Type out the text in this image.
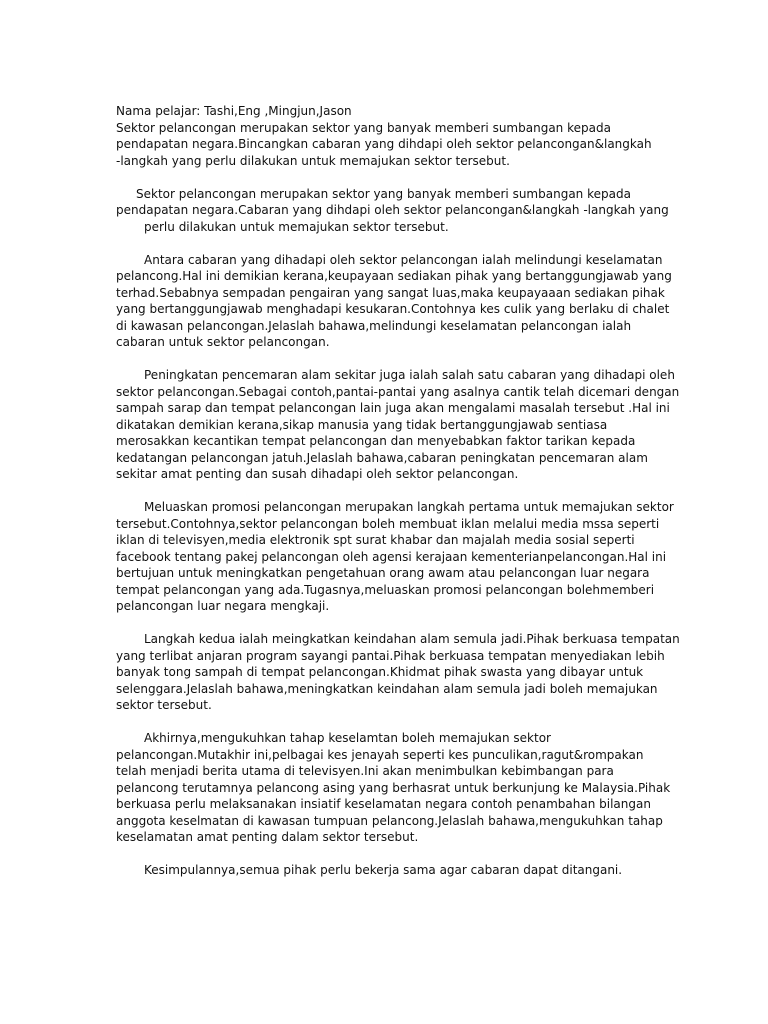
Nama pelajar: Tashi,Eng ,Mingjun,Jason

Sektor pelancongan merupakan sektor yang banyak memberi sumbangan kepada

pendapatan negara.Bincangkan cabaran yang dihdapi oleh sektor pelancongan&langkah

-langkah yang perlu dilakukan untuk memajukan sektor tersebut.

Sektor pelancongan merupakan sektor yang banyak memberi sumbangan kepada

pendapatan negara.Cabaran yang dihdapi oleh sektor pelancongan&langkah -langkah yang

perlu dilakukan untuk memajukan sektor tersebut.

Antara cabaran yang dihadapi oleh sektor pelancongan ialah melindungi keselamatan

pelancong.Hal ini demikian kerana,keupayaan sediakan pihak yang bertanggungjawab yang

terhad.Sebabnya sempadan pengairan yang sangat luas,maka keupayaaan sediakan pihak

yang bertanggungjawab menghadapi kesukaran.Contohnya kes culik yang berlaku di chalet

di kawasan pelancongan.Jelaslah bahawa,melindungi keselamatan pelancongan ialah

cabaran untuk sektor pelancongan.

Peningkatan pencemaran alam sekitar juga ialah salah satu cabaran yang dihadapi oleh

sektor pelancongan.Sebagai contoh,pantai-pantai yang asalnya cantik telah dicemari dengan

sampah sarap dan tempat pelancongan lain juga akan mengalami masalah tersebut .Hal ini

dikatakan demikian kerana,sikap manusia yang tidak bertanggungjawab sentiasa

merosakkan kecantikan tempat pelancongan dan menyebabkan faktor tarikan kepada

kedatangan pelancongan jatuh.Jelaslah bahawa,cabaran peningkatan pencemaran alam

sekitar amat penting dan susah dihadapi oleh sektor pelancongan.

Meluaskan promosi pelancongan merupakan langkah pertama untuk memajukan sektor

tersebut.Contohnya,sektor pelancongan boleh membuat iklan melalui media mssa seperti

iklan di televisyen,media elektronik spt surat khabar dan majalah media sosial seperti

facebook tentang pakej pelancongan oleh agensi kerajaan kementerianpelancongan.Hal ini

bertujuan untuk meningkatkan pengetahuan orang awam atau pelancongan luar negara

tempat pelancongan yang ada.Tugasnya,meluaskan promosi pelancongan bolehmemberi

pelancongan luar negara mengkaji.

Langkah kedua ialah meingkatkan keindahan alam semula jadi.Pihak berkuasa tempatan

yang terlibat anjaran program sayangi pantai.Pihak berkuasa tempatan menyediakan lebih

banyak tong sampah di tempat pelancongan.Khidmat pihak swasta yang dibayar untuk

selenggara.Jelaslah bahawa,meningkatkan keindahan alam semula jadi boleh memajukan

sektor tersebut.

Akhirnya,mengukuhkan tahap keselamtan boleh memajukan sektor

pelancongan.Mutakhir ini,pelbagai kes jenayah seperti kes punculikan,ragut&rompakan

telah menjadi berita utama di televisyen.Ini akan menimbulkan kebimbangan para

pelancong terutamnya pelancong asing yang berhasrat untuk berkunjung ke Malaysia.Pihak

berkuasa perlu melaksanakan insiatif keselamatan negara contoh penambahan bilangan

anggota keselmatan di kawasan tumpuan pelancong.Jelaslah bahawa,mengukuhkan tahap

keselamatan amat penting dalam sektor tersebut.

Kesimpulannya,semua pihak perlu bekerja sama agar cabaran dapat ditangani.
